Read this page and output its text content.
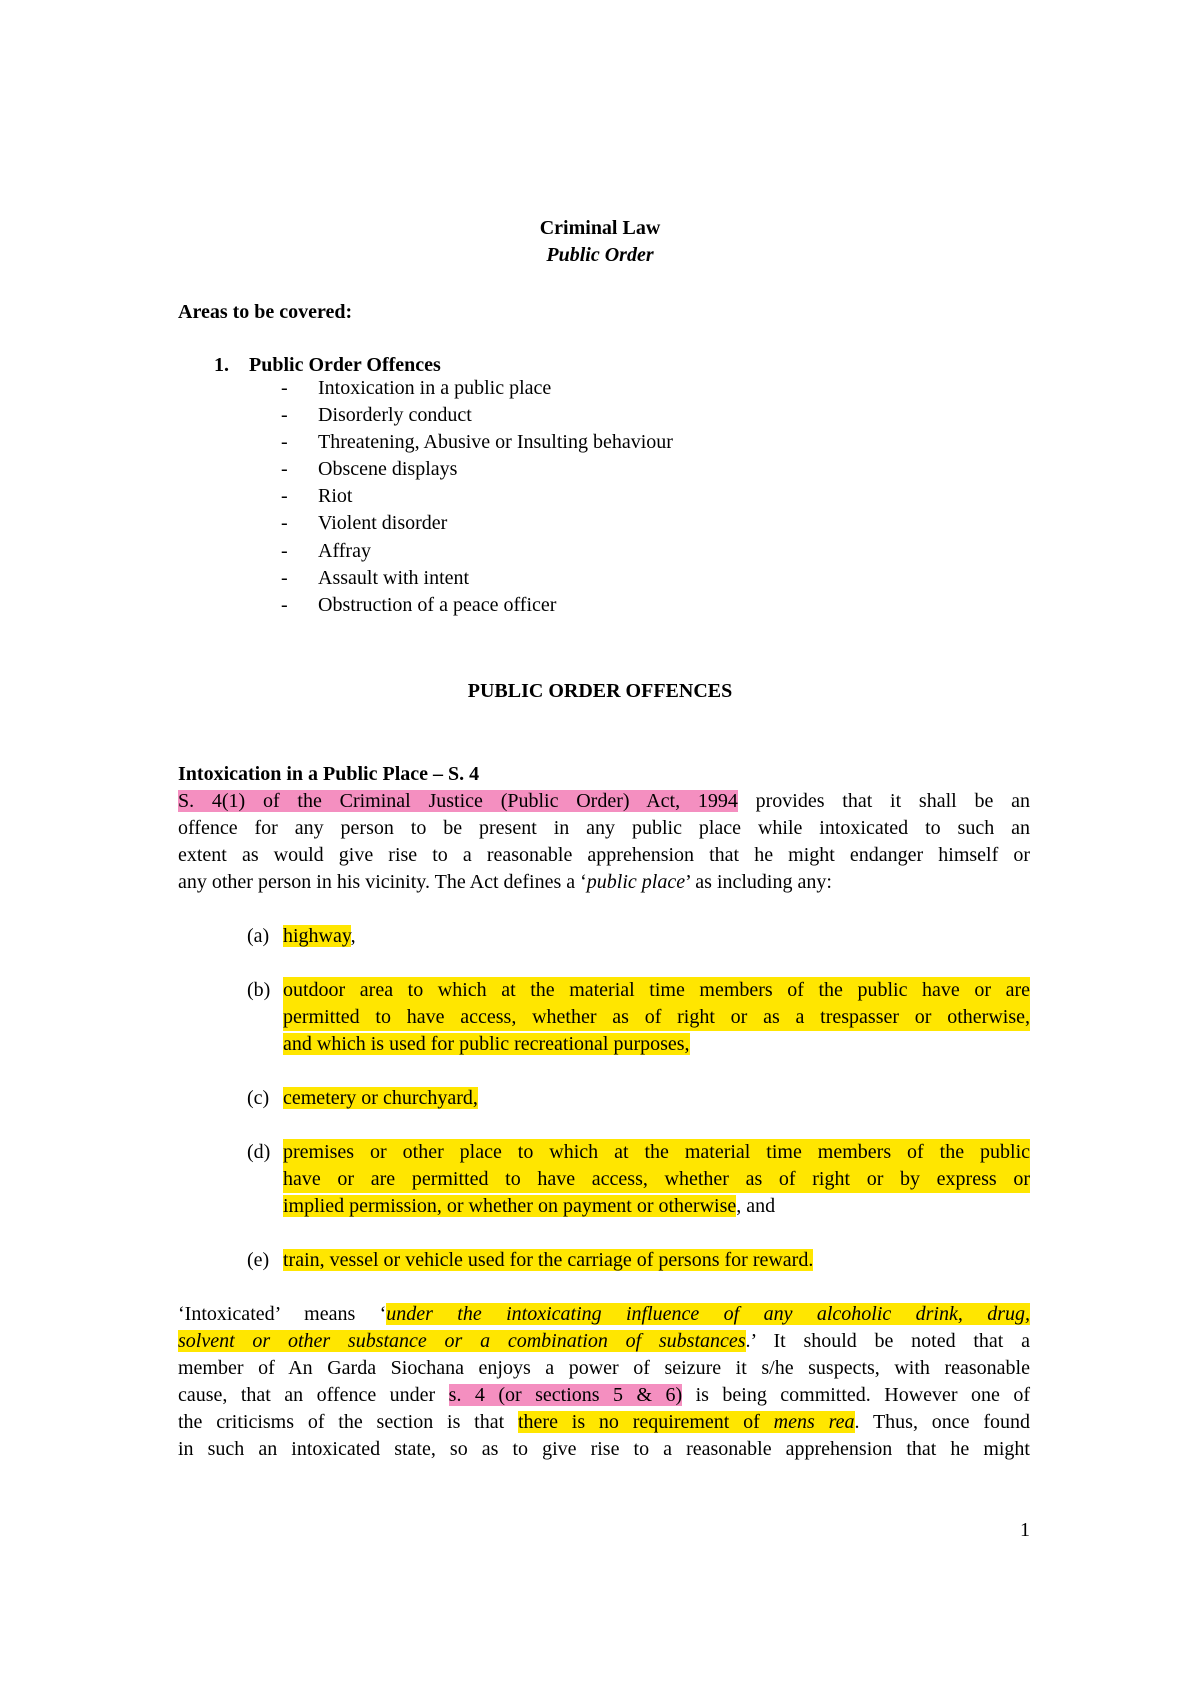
Criminal Law
Public Order
Areas to be covered:
1. Public Order Offences
- Intoxication in a public place
- Disorderly conduct
- Threatening, Abusive or Insulting behaviour
- Obscene displays
- Riot
- Violent disorder
- Affray
- Assault with intent
- Obstruction of a peace officer
PUBLIC ORDER OFFENCES
Intoxication in a Public Place – S. 4
S. 4(1) of the Criminal Justice (Public Order) Act, 1994 provides that it shall be an
offence for any person to be present in any public place while intoxicated to such an
extent as would give rise to a reasonable apprehension that he might endanger himself or
any other person in his vicinity. The Act defines a ‘public place’ as including any:
(a) highway,
(b) outdoor area to which at the material time members of the public have or are
permitted to have access, whether as of right or as a trespasser or otherwise,
and which is used for public recreational purposes,
(c) cemetery or churchyard,
(d) premises or other place to which at the material time members of the public
have or are permitted to have access, whether as of right or by express or
implied permission, or whether on payment or otherwise, and
(e) train, vessel or vehicle used for the carriage of persons for reward.
‘Intoxicated’ means ‘under the intoxicating influence of any alcoholic drink, drug,
solvent or other substance or a combination of substances.’ It should be noted that a
member of An Garda Siochana enjoys a power of seizure it s/he suspects, with reasonable
cause, that an offence under s. 4 (or sections 5 & 6) is being committed. However one of
the criticisms of the section is that there is no requirement of mens rea. Thus, once found
in such an intoxicated state, so as to give rise to a reasonable apprehension that he might
1
